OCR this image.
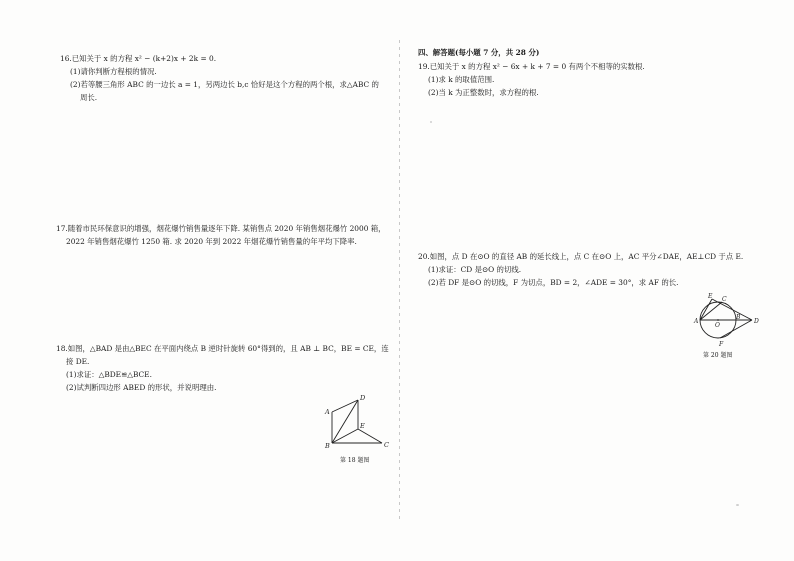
16.已知关于 x 的方程 x² − (k+2)x + 2k = 0.
(1)请你判断方程根的情况.
(2)若等腰三角形 ABC 的一边长 a = 1，另两边长 b,c 恰好是这个方程的两个根，求△ABC 的
周长.
17.随着市民环保意识的增强，烟花爆竹销售量逐年下降. 某销售点 2020 年销售烟花爆竹 2000 箱，
2022 年销售烟花爆竹 1250 箱. 求 2020 年到 2022 年烟花爆竹销售量的年平均下降率.
18.如图，△BAD 是由△BEC 在平面内绕点 B 逆时针旋转 60°得到的，且 AB ⊥ BC，BE = CE，连
接 DE.
(1)求证：△BDE≌△BCE.
(2)试判断四边形 ABED 的形状，并说明理由.
A
B	C
D
E
第 18 题图
四、解答题(每小题 7 分，共 28 分)
19.已知关于 x 的方程 x² − 6x + k + 7 = 0 有两个不相等的实数根.
(1)求 k 的取值范围.
(2)当 k 为正整数时，求方程的根.
20.如图，点 D 在⊙O 的直径 AB 的延长线上，点 C 在⊙O 上，AC 平分∠DAE，AE⊥CD 于点 E.
(1)求证：CD 是⊙O 的切线.
(2)若 DF 是⊙O 的切线，F 为切点，BD = 2，∠ADE = 30°，求 AF 的长.
A
B
C
D
E
F
O
第 20 题图
